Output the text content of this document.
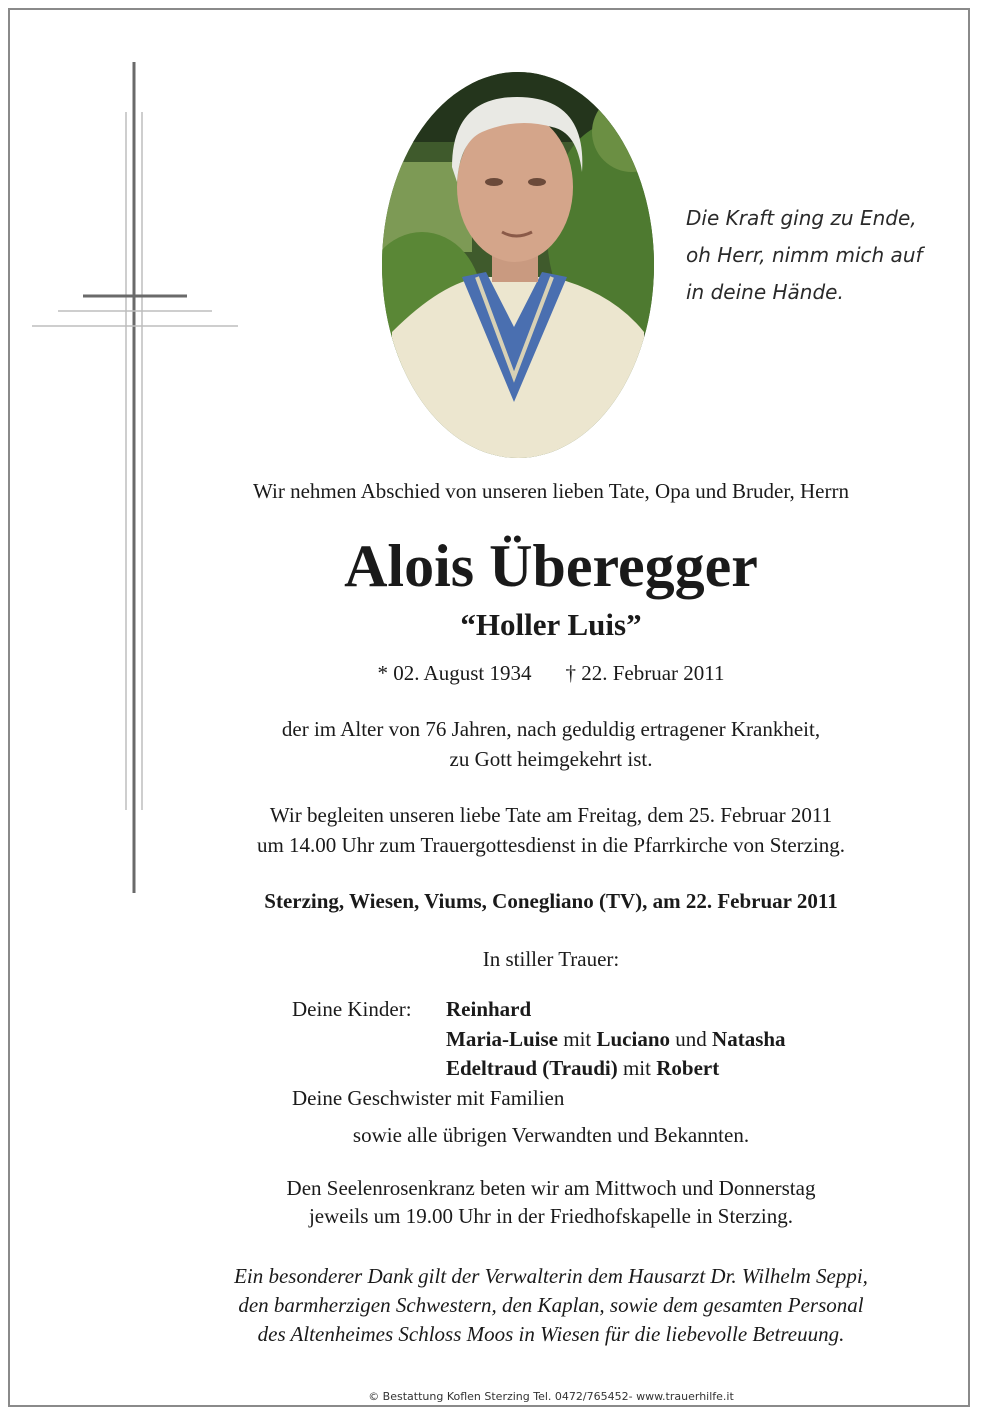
Die Kraft ging zu Ende,
oh Herr, nimm mich auf
in deine Hände.
Wir nehmen Abschied von unseren lieben Tate, Opa und Bruder, Herrn
Alois Überegger
“Holler Luis”
* 02. August 1934 † 22. Februar 2011
der im Alter von 76 Jahren, nach geduldig ertragener Krankheit,
zu Gott heimgekehrt ist.
Wir begleiten unseren liebe Tate am Freitag, dem 25. Februar 2011
um 14.00 Uhr zum Trauergottesdienst in die Pfarrkirche von Sterzing.
Sterzing, Wiesen, Viums, Conegliano (TV), am 22. Februar 2011
In stiller Trauer:
Deine Kinder: Reinhard
Maria-Luise mit Luciano und Natasha
Edeltraud (Traudi) mit Robert
Deine Geschwister mit Familien
sowie alle übrigen Verwandten und Bekannten.
Den Seelenrosenkranz beten wir am Mittwoch und Donnerstag
jeweils um 19.00 Uhr in der Friedhofskapelle in Sterzing.
Ein besonderer Dank gilt der Verwalterin dem Hausarzt Dr. Wilhelm Seppi,
den barmherzigen Schwestern, den Kaplan, sowie dem gesamten Personal
des Altenheimes Schloss Moos in Wiesen für die liebevolle Betreuung.
© Bestattung Koflen Sterzing Tel. 0472/765452- www.trauerhilfe.it
